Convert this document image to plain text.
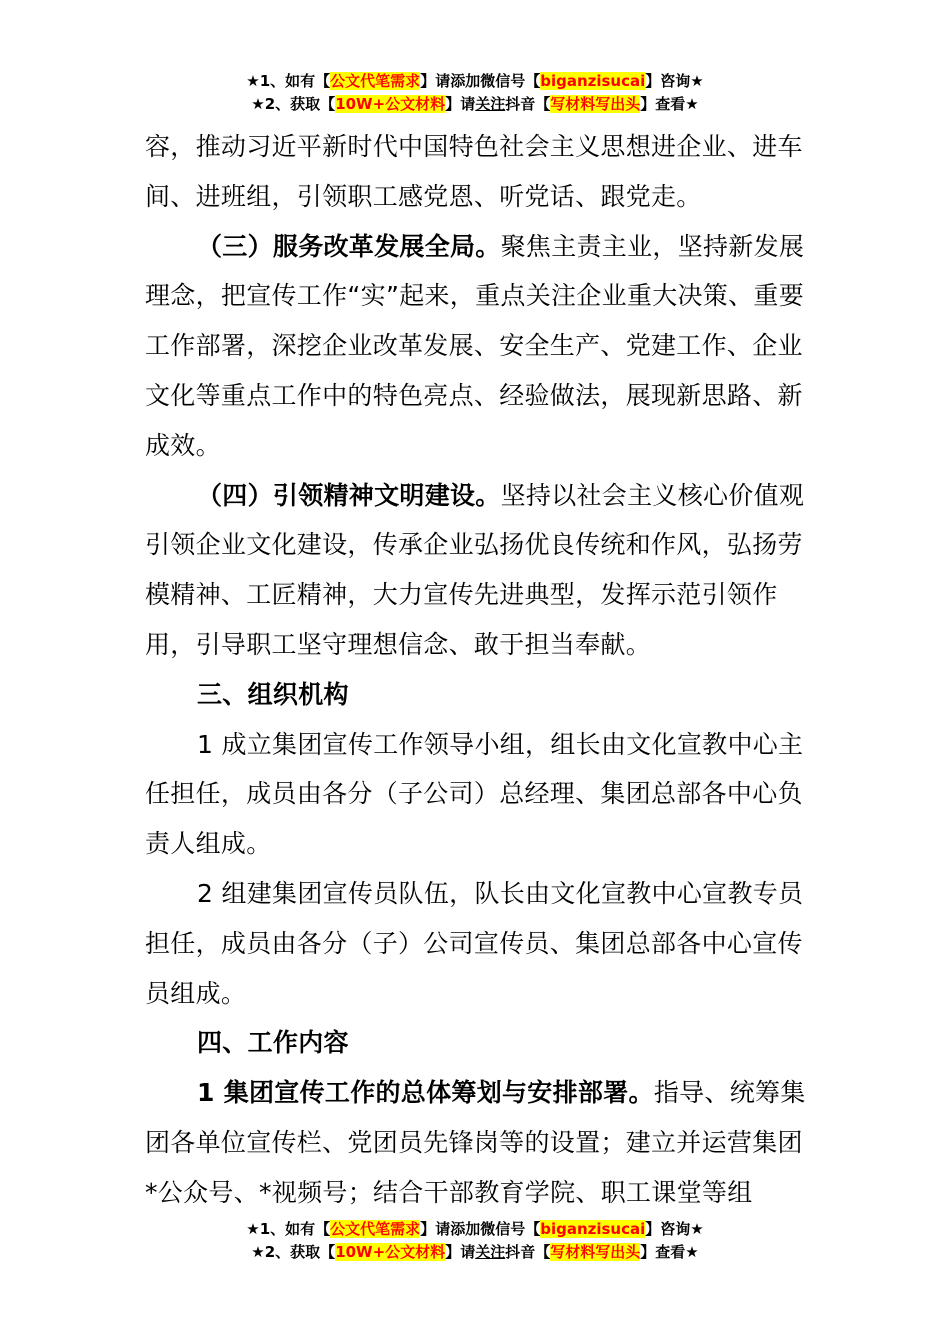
★1、如有【公文代笔需求】请添加微信号【biganzisucai】咨询★
★2、获取【10W+公文材料】请关注抖音【写材料写出头】查看★

容，推动习近平新时代中国特色社会主义思想进企业、进车间、进班组，引领职工感党恩、听党话、跟党走。

（三）服务改革发展全局。聚焦主责主业，坚持新发展理念，把宣传工作“实”起来，重点关注企业重大决策、重要工作部署，深挖企业改革发展、安全生产、党建工作、企业文化等重点工作中的特色亮点、经验做法，展现新思路、新成效。

（四）引领精神文明建设。坚持以社会主义核心价值观引领企业文化建设，传承企业弘扬优良传统和作风，弘扬劳模精神、工匠精神，大力宣传先进典型，发挥示范引领作用，引导职工坚守理想信念、敢于担当奉献。

三、组织机构

1 成立集团宣传工作领导小组，组长由文化宣教中心主任担任，成员由各分（子公司）总经理、集团总部各中心负责人组成。

2 组建集团宣传员队伍，队长由文化宣教中心宣教专员担任，成员由各分（子）公司宣传员、集团总部各中心宣传员组成。

四、工作内容

1 集团宣传工作的总体筹划与安排部署。指导、统筹集团各单位宣传栏、党团员先锋岗等的设置；建立并运营集团*公众号、*视频号；结合干部教育学院、职工课堂等组

★1、如有【公文代笔需求】请添加微信号【biganzisucai】咨询★
★2、获取【10W+公文材料】请关注抖音【写材料写出头】查看★
